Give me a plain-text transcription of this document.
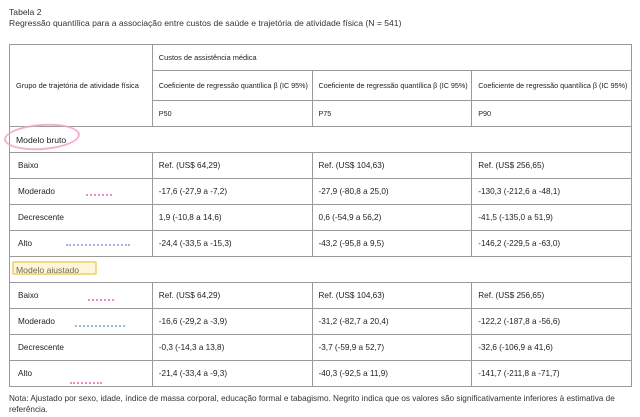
Tabela 2
Regressão quantílica para a associação entre custos de saúde e trajetória de atividade física (N = 541)
Grupo de trajetória de atividade física	Custos de assistência médica		
	Coeficiente de regressão quantílica β (IC 95%)	Coeficiente de regressão quantílica β (IC 95%)	Coeficiente de regressão quantílica β (IC 95%)
	P50	P75	P90
Modelo bruto			
Baixo	Ref. (US$ 64,29)	Ref. (US$ 104,63)	Ref. (US$ 256,65)
Moderado	-17,6 (-27,9 a -7,2)	-27,9 (-80,8 a 25,0)	-130,3 (-212,6 a -48,1)
Decrescente	1,9 (-10,8 a 14,6)	0,6 (-54,9 a 56,2)	-41,5 (-135,0 a 51,9)
Alto	-24,4 (-33,5 a -15,3)	-43,2 (-95,8 a 9,5)	-146,2 (-229,5 a -63,0)
Modelo ajustado			
Baixo	Ref. (US$ 64,29)	Ref. (US$ 104,63)	Ref. (US$ 256,65)
Moderado	-16,6 (-29,2 a -3,9)	-31,2 (-82,7 a 20,4)	-122,2 (-187,8 a -56,6)
Decrescente	-0,3 (-14,3 a 13,8)	-3,7 (-59,9 a 52,7)	-32,6 (-106,9 a 41,6)
Alto	-21,4 (-33,4 a -9,3)	-40,3 (-92,5 a 11,9)	-141,7 (-211,8 a -71,7)
Nota: Ajustado por sexo, idade, índice de massa corporal, educação formal e tabagismo. Negrito indica que os valores são significativamente inferiores à estimativa de referência.
